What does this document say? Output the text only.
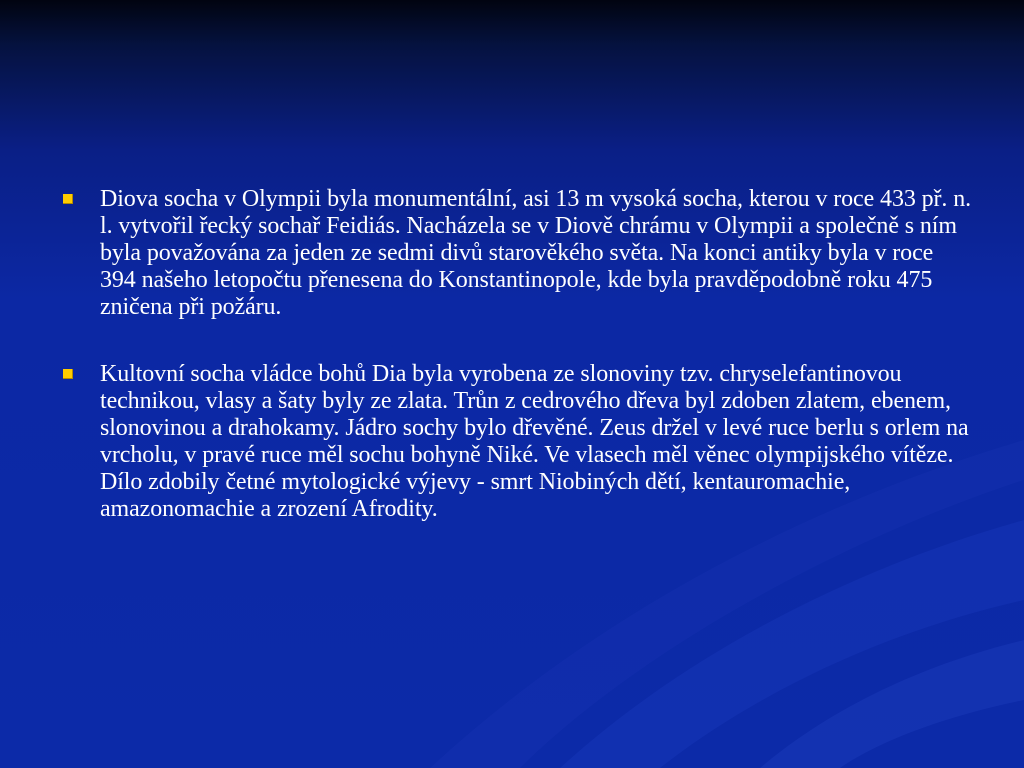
Diova socha v Olympii byla monumentální, asi 13 m vysoká socha, kterou v roce 433 př. n. l. vytvořil řecký sochař Feidiás. Nacházela se v Diově chrámu v Olympii a společně s ním byla považována za jeden ze sedmi divů starověkého světa. Na konci antiky byla v roce 394 našeho letopočtu přenesena do Konstantinopole, kde byla pravděpodobně roku 475 zničena při požáru.
Kultovní socha vládce bohů Dia byla vyrobena ze slonoviny tzv. chryselefantinovou technikou, vlasy a šaty byly ze zlata. Trůn z cedrového dřeva byl zdoben zlatem, ebenem, slonovinou a drahokamy. Jádro sochy bylo dřevěné. Zeus držel v levé ruce berlu s orlem na vrcholu, v pravé ruce měl sochu bohyně Niké. Ve vlasech měl věnec olympijského vítěze. Dílo zdobily četné mytologické výjevy - smrt Niobiných dětí, kentauromachie, amazonomachie a zrození Afrodity.
